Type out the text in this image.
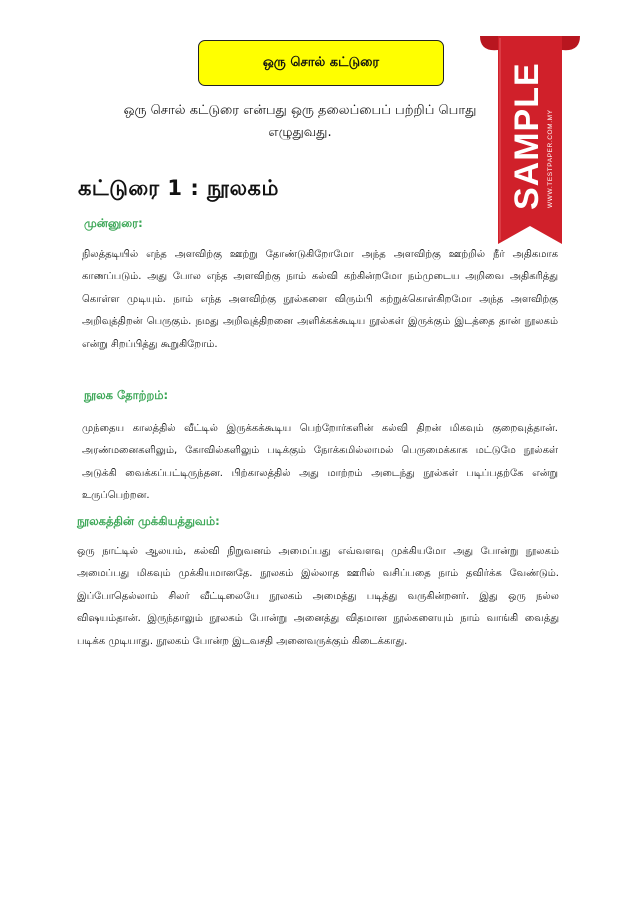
ஒரு சொல் கட்டுரை
ஒரு சொல் கட்டுரை என்பது ஒரு தலைப்பைப் பற்றிப் பொது எழுதுவது.
கட்டுரை 1 : நூலகம்
முன்னுரை:
நிலத்தடியில் எந்த அளவிற்கு ஊற்று தோண்டுகிறோமோ அந்த அளவிற்கு ஊற்றில் நீர் அதிகமாக காணப்படும். அது போல எந்த அளவிற்கு நாம் கல்வி கற்கின்றமோ நம்முடைய அறிவை அதிகரித்து கொள்ள முடியும். நாம் எந்த அளவிற்கு நூல்களை விரும்பி கற்றுக்கொள்கிறமோ அந்த அளவிற்கு அறிவுத்திறன் பெருகும். நமது அறிவுத்திறனை அளிக்கக்கூடிய நூல்கள் இருக்கும் இடத்தை தான் நூலகம் என்று சிறப்பித்து கூறுகிறோம்.
நூலக தோற்றம்:
முந்தைய காலத்தில் வீட்டில் இருக்கக்கூடிய பெற்றோர்களின் கல்வி திறன் மிகவும் குறைவுத்தான். அரண்மனைகளிலும், கோவில்களிலும் படிக்கும் நோக்கமில்லாமல் பெருமைக்காக மட்டுமே நூல்கள் அடுக்கி வைக்கப்பட்டிருந்தன. பிற்காலத்தில் அது மாற்றம் அடைந்து நூல்கள் படிப்பதற்கே என்று உருப்பெற்றன.
நூலகத்தின் முக்கியத்துவம்:
ஒரு நாட்டில் ஆலயம், கல்வி நிறுவனம் அமைப்பது எவ்வளவு முக்கியமோ அது போன்று நூலகம் அமைப்பது மிகவும் முக்கியமானதே. நூலகம் இல்லாத ஊரில் வசிப்பதை நாம் தவிர்க்க வேண்டும். இப்போதெல்லாம் சிலர் வீட்டிலையே நூலகம் அமைத்து படித்து வருகின்றனர். இது ஒரு நல்ல விஷயம்தான். இருந்தாலும் நூலகம் போன்று அனைத்து விதமான நூல்களையும் நாம் வாங்கி வைத்து படிக்க முடியாது. நூலகம் போன்ற இடவசதி அனைவருக்கும் கிடைக்காது.
SAMPLE WWW.TESTPAPER.COM.MY
